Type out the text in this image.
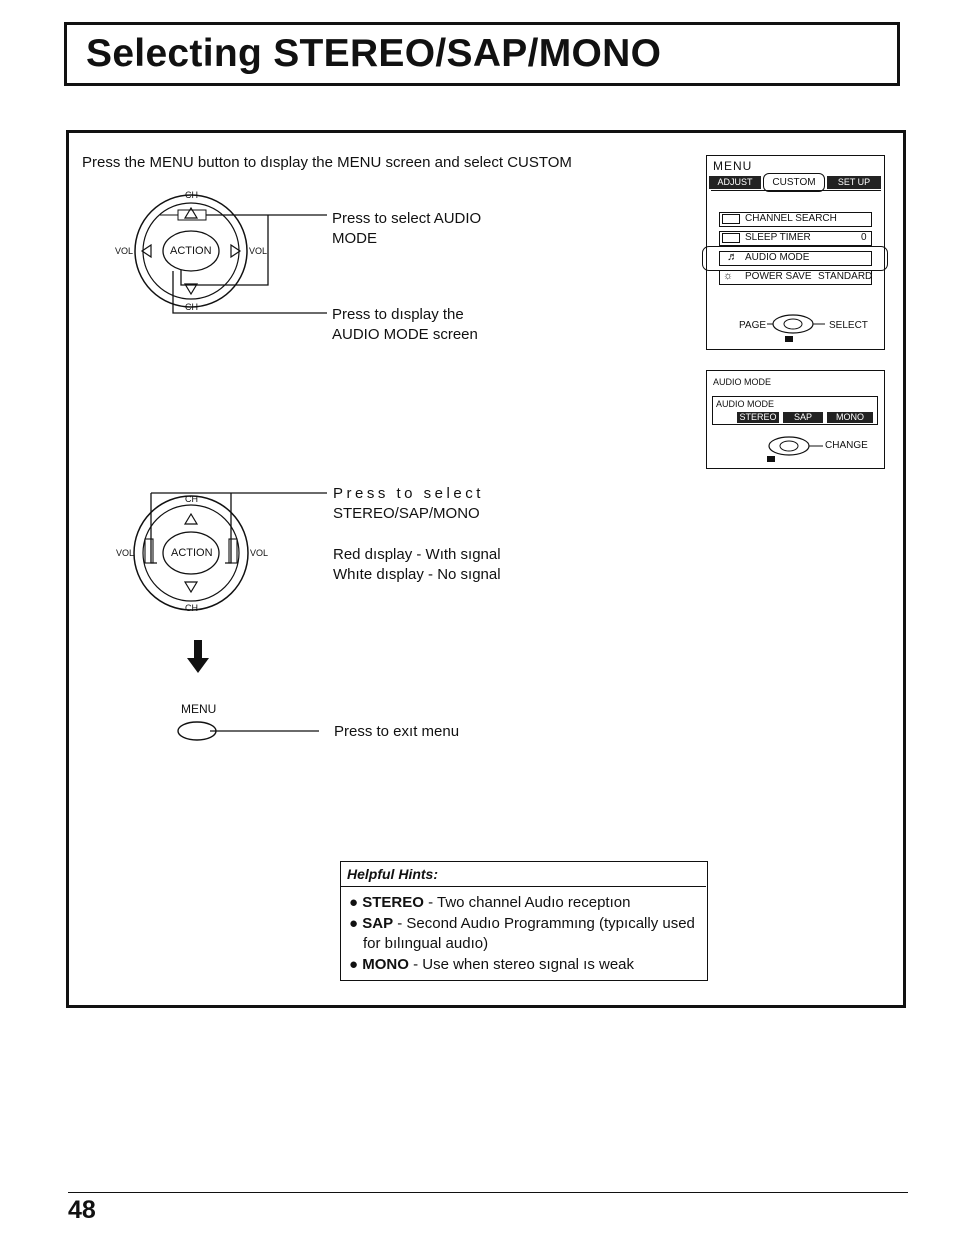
Selecting STEREO/SAP/MONO
Press the MENU button to dısplay the MENU screen and select CUSTOM
CH
CH
VOL	VOL
ACTION
Press to select AUDIO
MODE
Press to dısplay the
AUDIO MODE screen
MENU
ADJUST	CUSTOM	SET UP
CHANNEL SEARCH
SLEEP TIMER	0
♬ AUDIO MODE
☼ POWER SAVE STANDARD
PAGE	SELECT
AUDIO MODE
AUDIO MODE
STEREO	SAP	MONO
CHANGE
CH
CH
VOL	VOL
ACTION
Press to select
STEREO/SAP/MONO
Red dısplay - Wıth sıgnal
Whıte dısplay - No sıgnal
MENU
Press to exıt menu
Helpful Hints:
● STEREO - Two channel Audıo receptıon
● SAP - Second Audıo Programmıng (typıcally used
for bılıngual audıo)
● MONO - Use when stereo sıgnal ıs weak
48
